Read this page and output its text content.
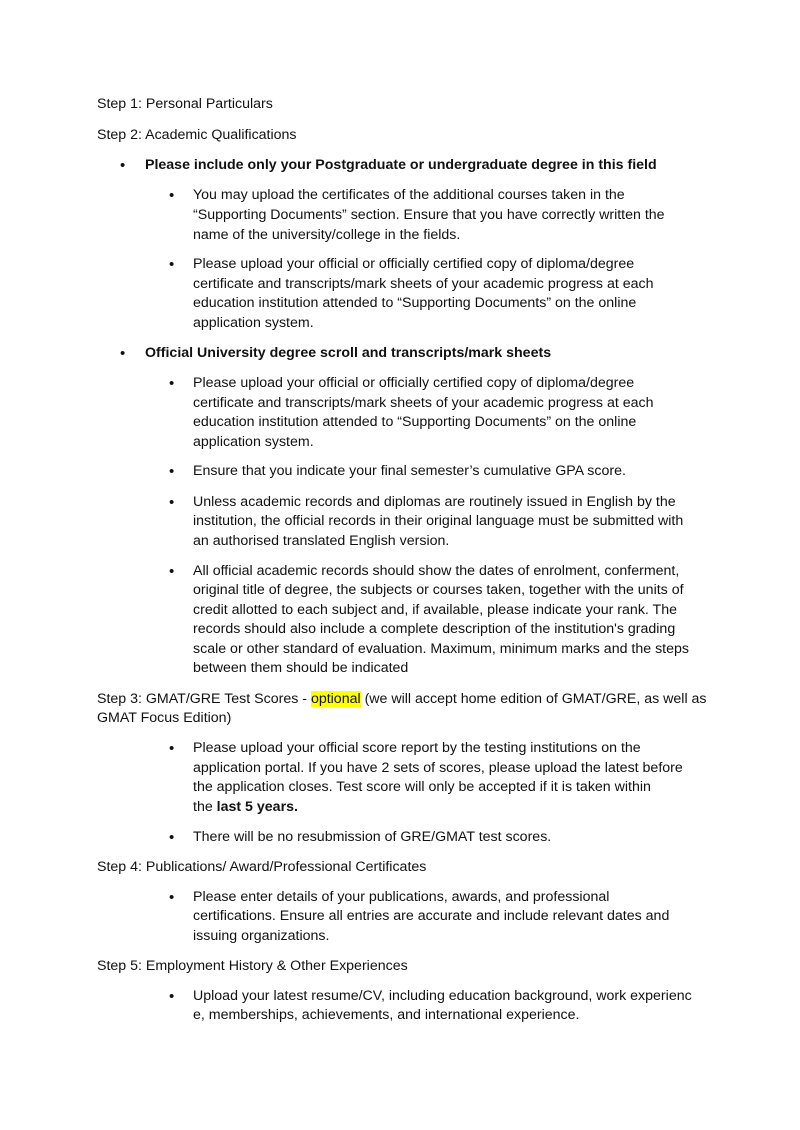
Step 1: Personal Particulars
Step 2: Academic Qualifications
•
Please include only your Postgraduate or undergraduate degree in this field
•
You may upload the certificates of the additional courses taken in the
“Supporting Documents” section. Ensure that you have correctly written the
name of the university/college in the fields.
•
Please upload your official or officially certified copy of diploma/degree
certificate and transcripts/mark sheets of your academic progress at each
education institution attended to “Supporting Documents” on the online
application system.
•
Official University degree scroll and transcripts/mark sheets
•
Please upload your official or officially certified copy of diploma/degree
certificate and transcripts/mark sheets of your academic progress at each
education institution attended to “Supporting Documents” on the online
application system.
•
Ensure that you indicate your final semester’s cumulative GPA score.
•
Unless academic records and diplomas are routinely issued in English by the
institution, the official records in their original language must be submitted with
an authorised translated English version.
•
All official academic records should show the dates of enrolment, conferment,
original title of degree, the subjects or courses taken, together with the units of
credit allotted to each subject and, if available, please indicate your rank. The
records should also include a complete description of the institution's grading
scale or other standard of evaluation. Maximum, minimum marks and the steps
between them should be indicated
Step 3: GMAT/GRE Test Scores - optional (we will accept home edition of GMAT/GRE, as well as
GMAT Focus Edition)
•
Please upload your official score report by the testing institutions on the
application portal. If you have 2 sets of scores, please upload the latest before
the application closes. Test score will only be accepted if it is taken within
the last 5 years.
•
There will be no resubmission of GRE/GMAT test scores.
Step 4: Publications/ Award/Professional Certificates
•
Please enter details of your publications, awards, and professional
certifications. Ensure all entries are accurate and include relevant dates and
issuing organizations.
Step 5: Employment History & Other Experiences
•
Upload your latest resume/CV, including education background, work experienc
e, memberships, achievements, and international experience.
